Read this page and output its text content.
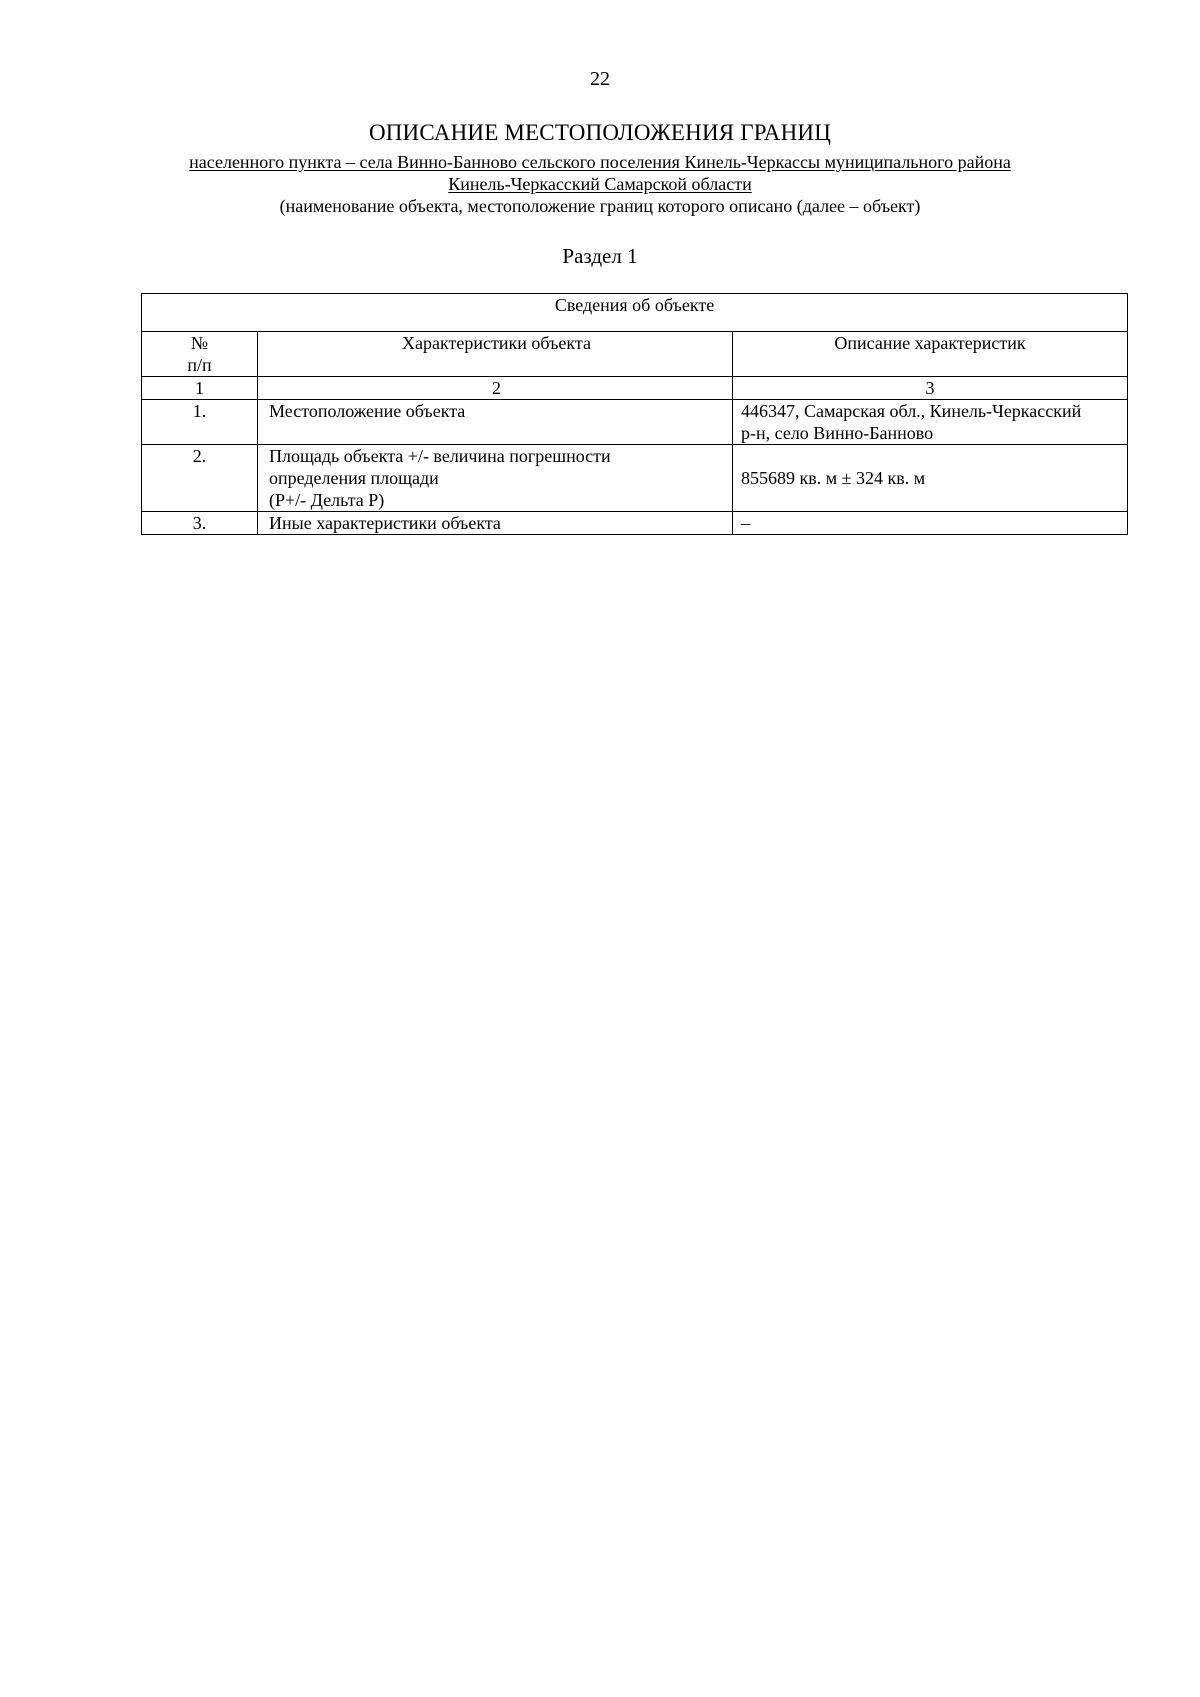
22
ОПИСАНИЕ МЕСТОПОЛОЖЕНИЯ ГРАНИЦ
населенного пункта – села Винно-Банново сельского поселения Кинель-Черкассы муниципального района
Кинель-Черкасский Самарской области
(наименование объекта, местоположение границ которого описано (далее – объект)
Раздел 1
Сведения об объекте		
№
п/п	Характеристики объекта	Описание характеристик
1	2	3
1.	Местоположение объекта	446347, Самарская обл., Кинель-Черкасский
р-н, село Винно-Банново
2.	Площадь объекта +/- величина погрешности
определения площади
(Р+/- Дельта Р)	855689 кв. м ± 324 кв. м
3.	Иные характеристики объекта	–
